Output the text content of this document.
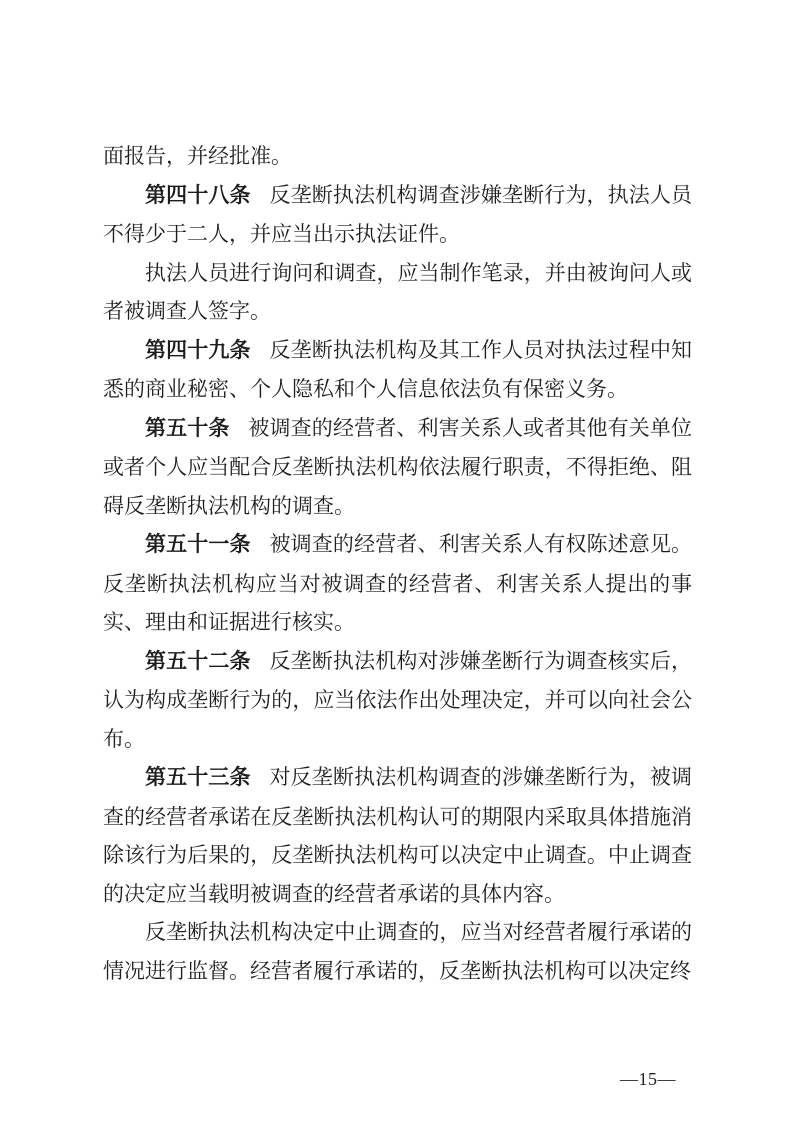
面报告，并经批准。

第四十八条 反垄断执法机构调查涉嫌垄断行为，执法人员不得少于二人，并应当出示执法证件。

执法人员进行询问和调查，应当制作笔录，并由被询问人或者被调查人签字。

第四十九条 反垄断执法机构及其工作人员对执法过程中知悉的商业秘密、个人隐私和个人信息依法负有保密义务。

第五十条 被调查的经营者、利害关系人或者其他有关单位或者个人应当配合反垄断执法机构依法履行职责，不得拒绝、阻碍反垄断执法机构的调查。

第五十一条 被调查的经营者、利害关系人有权陈述意见。反垄断执法机构应当对被调查的经营者、利害关系人提出的事实、理由和证据进行核实。

第五十二条 反垄断执法机构对涉嫌垄断行为调查核实后，认为构成垄断行为的，应当依法作出处理决定，并可以向社会公布。

第五十三条 对反垄断执法机构调查的涉嫌垄断行为，被调查的经营者承诺在反垄断执法机构认可的期限内采取具体措施消除该行为后果的，反垄断执法机构可以决定中止调查。中止调查的决定应当载明被调查的经营者承诺的具体内容。

反垄断执法机构决定中止调查的，应当对经营者履行承诺的情况进行监督。经营者履行承诺的，反垄断执法机构可以决定终

—15—
